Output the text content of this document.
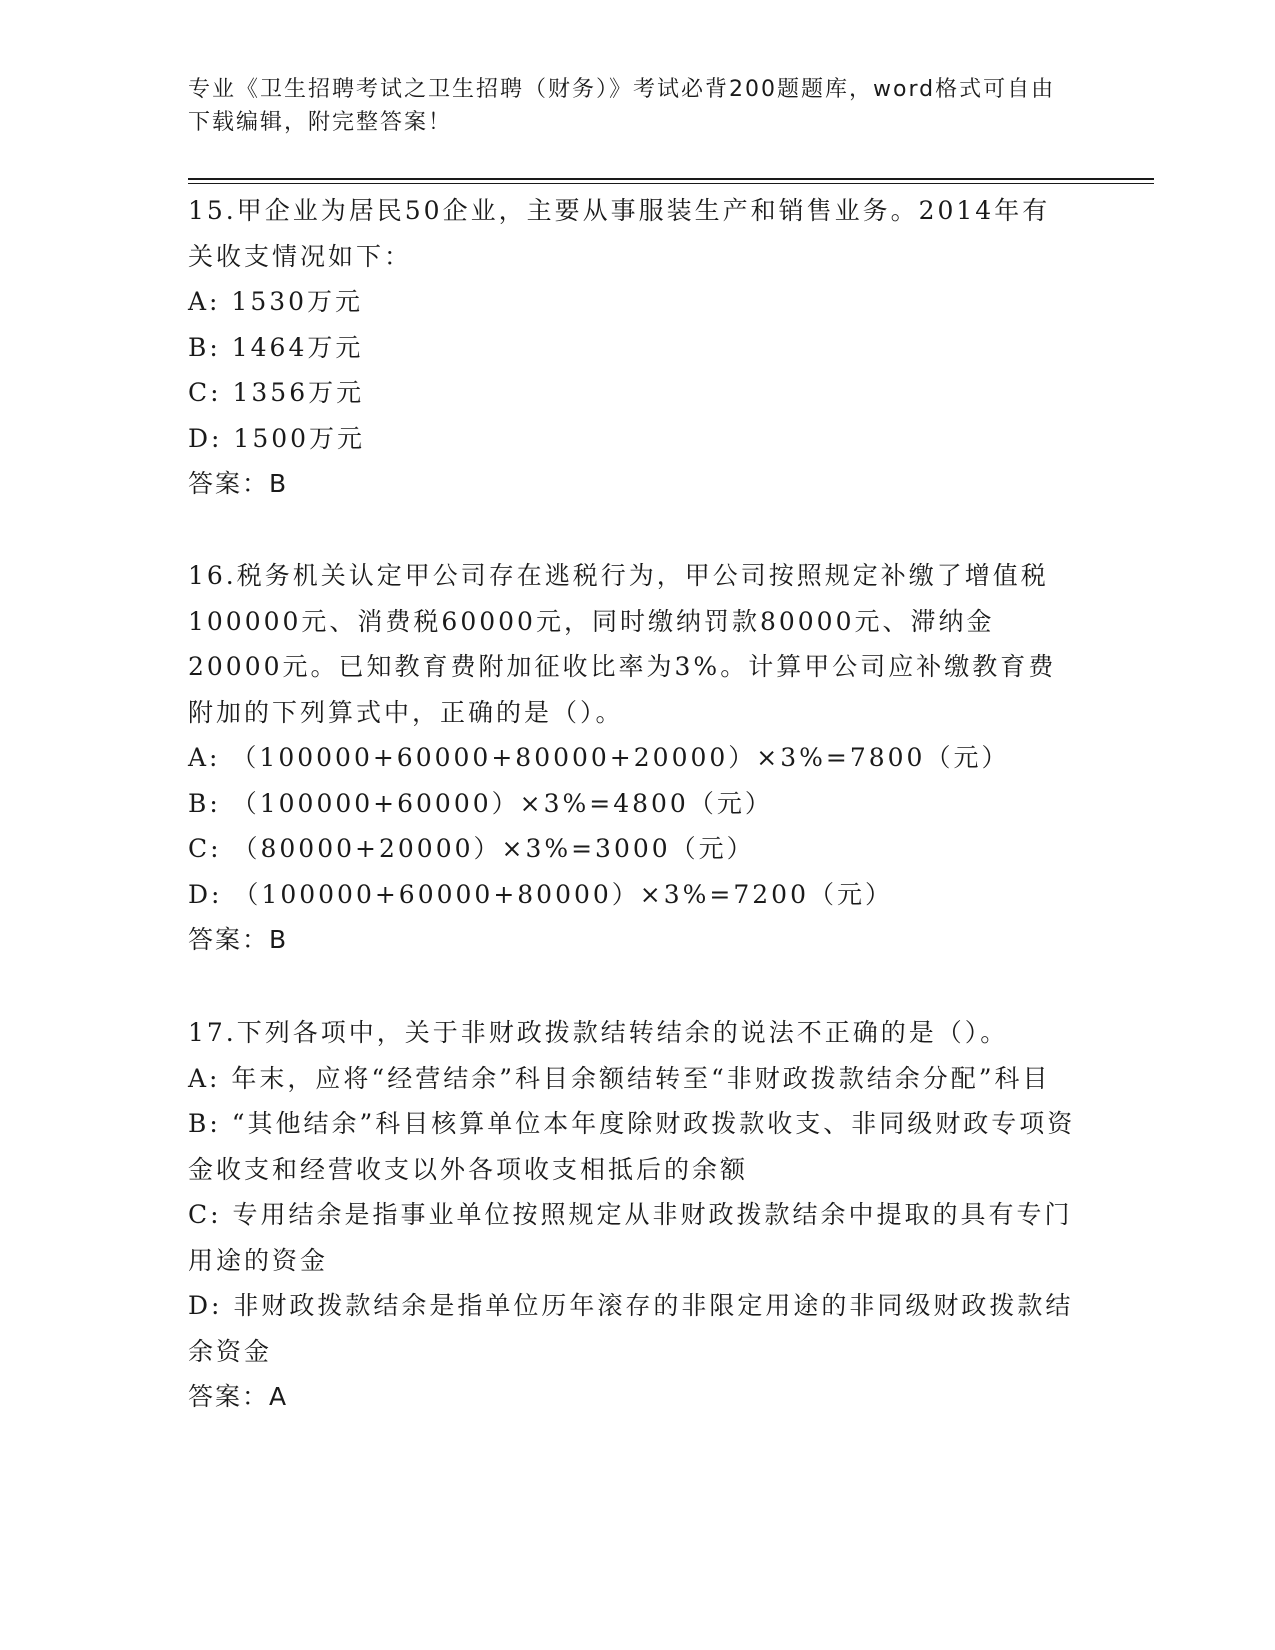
专业《卫生招聘考试之卫生招聘（财务）》考试必背200题题库，word格式可自由下载编辑，附完整答案！

15.甲企业为居民50企业，主要从事服装生产和销售业务。2014年有关收支情况如下：

A: 1530万元

B: 1464万元

C: 1356万元

D: 1500万元

答案：B

16.税务机关认定甲公司存在逃税行为，甲公司按照规定补缴了增值税100000元、消费税60000元，同时缴纳罚款80000元、滞纳金20000元。已知教育费附加征收比率为3%。计算甲公司应补缴教育费附加的下列算式中，正确的是（）。

A: （100000+60000+80000+20000）×3%=7800（元）

B: （100000+60000）×3%=4800（元）

C: （80000+20000）×3%=3000（元）

D: （100000+60000+80000）×3%=7200（元）

答案：B

17.下列各项中，关于非财政拨款结转结余的说法不正确的是（）。

A: 年末，应将“经营结余”科目余额结转至“非财政拨款结余分配”科目

B: “其他结余”科目核算单位本年度除财政拨款收支、非同级财政专项资金收支和经营收支以外各项收支相抵后的余额

C: 专用结余是指事业单位按照规定从非财政拨款结余中提取的具有专门用途的资金

D: 非财政拨款结余是指单位历年滚存的非限定用途的非同级财政拨款结余资金

答案：A
